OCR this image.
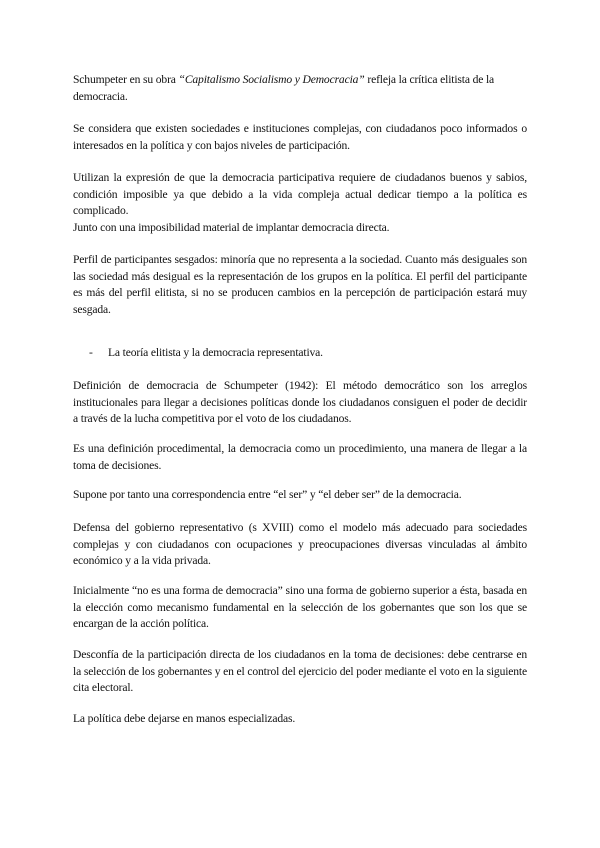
Schumpeter en su obra “Capitalismo Socialismo y Democracia” refleja la crítica elitista de la democracia.

Se considera que existen sociedades e instituciones complejas, con ciudadanos poco informados o interesados en la política y con bajos niveles de participación.

Utilizan la expresión de que la democracia participativa requiere de ciudadanos buenos y sabios, condición imposible ya que debido a la vida compleja actual dedicar tiempo a la política es complicado.
Junto con una imposibilidad material de implantar democracia directa.

Perfil de participantes sesgados: minoría que no representa a la sociedad. Cuanto más desiguales son las sociedad más desigual es la representación de los grupos en la política. El perfil del participante es más del perfil elitista, si no se producen cambios en la percepción de participación estará muy sesgada.

- La teoría elitista y la democracia representativa.

Definición de democracia de Schumpeter (1942): El método democrático son los arreglos institucionales para llegar a decisiones políticas donde los ciudadanos consiguen el poder de decidir a través de la lucha competitiva por el voto de los ciudadanos.

Es una definición procedimental, la democracia como un procedimiento, una manera de llegar a la toma de decisiones.

Supone por tanto una correspondencia entre “el ser” y “el deber ser” de la democracia.

Defensa del gobierno representativo (s XVIII) como el modelo más adecuado para sociedades complejas y con ciudadanos con ocupaciones y preocupaciones diversas vinculadas al ámbito económico y a la vida privada.

Inicialmente “no es una forma de democracia” sino una forma de gobierno superior a ésta, basada en la elección como mecanismo fundamental en la selección de los gobernantes que son los que se encargan de la acción política.

Desconfía de la participación directa de los ciudadanos en la toma de decisiones: debe centrarse en la selección de los gobernantes y en el control del ejercicio del poder mediante el voto en la siguiente cita electoral.

La política debe dejarse en manos especializadas.
